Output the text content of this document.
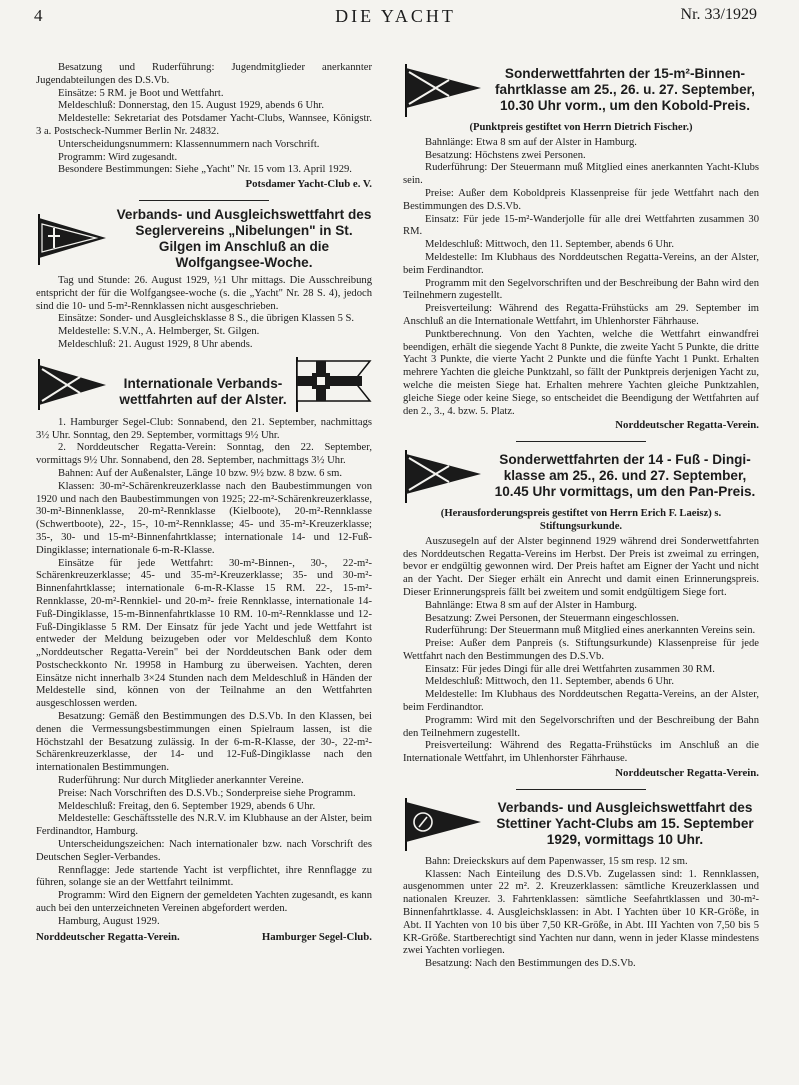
4	DIE YACHT	Nr. 33/1929

Besatzung und Ruderführung: Jugendmitglieder anerkannter Jugendabteilungen des D.S.Vb.

Einsätze: 5 RM. je Boot und Wettfahrt.

Meldeschluß: Donnerstag, den 15. August 1929, abends 6 Uhr.

Meldestelle: Sekretariat des Potsdamer Yacht-Clubs, Wannsee, Königstr. 3 a. Postscheck-Nummer Berlin Nr. 24832.

Unterscheidungsnummern: Klassennummern nach Vorschrift.

Programm: Wird zugesandt.

Besondere Bestimmungen: Siehe „Yacht" Nr. 15 vom 13. April 1929.

Potsdamer Yacht-Club e. V.
Verbands- und Ausgleichswettfahrt des Seglervereins „Nibelungen" in St. Gilgen im Anschluß an die Wolfgangsee-Woche.

Tag und Stunde: 26. August 1929, ½1 Uhr mittags. Die Ausschreibung entspricht der für die Wolfgangsee-woche (s. die „Yacht" Nr. 28 S. 4), jedoch sind die 10- und 5-m²-Rennklassen nicht ausgeschrieben.

Einsätze: Sonder- und Ausgleichsklasse 8 S., die übrigen Klassen 5 S.

Meldestelle: S.V.N., A. Helmberger, St. Gilgen.

Meldeschluß: 21. August 1929, 8 Uhr abends.

Internationale Verbands-wettfahrten auf der Alster.

1. Hamburger Segel-Club: Sonnabend, den 21. September, nachmittags 3½ Uhr. Sonntag, den 29. September, vormittags 9½ Uhr.

2. Norddeutscher Regatta-Verein: Sonntag, den 22. September, vormittags 9½ Uhr. Sonnabend, den 28. September, nachmittags 3½ Uhr.

Bahnen: Auf der Außenalster, Länge 10 bzw. 9½ bzw. 8 bzw. 6 sm.

Klassen: 30-m²-Schärenkreuzerklasse nach den Baubestimmungen von 1920 und nach den Baubestimmungen von 1925; 22-m²-Schärenkreuzerklasse, 30-m²-Binnenklasse, 20-m²-Rennklasse (Kielboote), 20-m²-Rennklasse (Schwertboote), 22-, 15-, 10-m²-Rennklasse; 45- und 35-m²-Kreuzerklasse; 35-, 30- und 15-m²-Binnenfahrtklasse; internationale 14- und 12-Fuß-Dingiklasse; internationale 6-m-R-Klasse.

Einsätze für jede Wettfahrt: 30-m²-Binnen-, 30-, 22-m²-Schärenkreuzerklasse; 45- und 35-m²-Kreuzerklasse; 35- und 30-m²-Binnenfahrtklasse; internationale 6-m-R-Klasse 15 RM. 22-, 15-m²-Rennklasse, 20-m²-Rennkiel- und 20-m²- freie Rennklasse, internationale 14-Fuß-Dingiklasse, 15-m-Binnenfahrtklasse 10 RM. 10-m²-Rennklasse und 12-Fuß-Dingiklasse 5 RM. Der Einsatz für jede Yacht und jede Wettfahrt ist entweder der Meldung beizugeben oder vor Meldeschluß dem Konto „Norddeutscher Regatta-Verein" bei der Norddeutschen Bank oder dem Postscheckkonto Nr. 19958 in Hamburg zu überweisen. Yachten, deren Einsätze nicht innerhalb 3×24 Stunden nach dem Meldeschluß in Händen der Meldestelle sind, können von der Teilnahme an den Wettfahrten ausgeschlossen werden.

Besatzung: Gemäß den Bestimmungen des D.S.Vb. In den Klassen, bei denen die Vermessungsbestimmungen einen Spielraum lassen, ist die Höchstzahl der Besatzung zulässig. In der 6-m-R-Klasse, der 30-, 22-m²-Schärenkreuzerklasse, der 14- und 12-Fuß-Dingiklasse nach den internationalen Bestimmungen.

Ruderführung: Nur durch Mitglieder anerkannter Vereine.

Preise: Nach Vorschriften des D.S.Vb.; Sonderpreise siehe Programm.

Meldeschluß: Freitag, den 6. September 1929, abends 6 Uhr.

Meldestelle: Geschäftsstelle des N.R.V. im Klubhause an der Alster, beim Ferdinandtor, Hamburg.

Unterscheidungszeichen: Nach internationaler bzw. nach Vorschrift des Deutschen Segler-Verbandes.

Rennflagge: Jede startende Yacht ist verpflichtet, ihre Rennflagge zu führen, solange sie an der Wettfahrt teilnimmt.

Programm: Wird den Eignern der gemeldeten Yachten zugesandt, es kann auch bei den unterzeichneten Vereinen abgefordert werden.

Hamburg, August 1929.

Norddeutscher Regatta-Verein.	Hamburger Segel-Club.
Sonderwettfahrten der 15-m²-Binnen-fahrtklasse am 25., 26. u. 27. September, 10.30 Uhr vorm., um den Kobold-Preis.
(Punktpreis gestiftet von Herrn Dietrich Fischer.)

Bahnlänge: Etwa 8 sm auf der Alster in Hamburg.

Besatzung: Höchstens zwei Personen.

Ruderführung: Der Steuermann muß Mitglied eines anerkannten Yacht-Klubs sein.

Preise: Außer dem Koboldpreis Klassenpreise für jede Wettfahrt nach den Bestimmungen des D.S.Vb.

Einsatz: Für jede 15-m²-Wanderjolle für alle drei Wettfahrten zusammen 30 RM.

Meldeschluß: Mittwoch, den 11. September, abends 6 Uhr.

Meldestelle: Im Klubhaus des Norddeutschen Regatta-Vereins, an der Alster, beim Ferdinandtor.

Programm mit den Segelvorschriften und der Beschreibung der Bahn wird den Teilnehmern zugestellt.

Preisverteilung: Während des Regatta-Frühstücks am 29. September im Anschluß an die Internationale Wettfahrt, im Uhlenhorster Fährhause.

Punktberechnung. Von den Yachten, welche die Wettfahrt einwandfrei beendigen, erhält die siegende Yacht 8 Punkte, die zweite Yacht 5 Punkte, die dritte Yacht 3 Punkte, die vierte Yacht 2 Punkte und die fünfte Yacht 1 Punkt. Erhalten mehrere Yachten die gleiche Punktzahl, so fällt der Punktpreis derjenigen Yacht zu, welche die meisten Siege hat. Erhalten mehrere Yachten gleiche Punktzahlen, gleiche Siege oder keine Siege, so entscheidet die Beendigung der Wettfahrten auf den 2., 3., 4. bzw. 5. Platz.

Norddeutscher Regatta-Verein.
Sonderwettfahrten der 14 - Fuß - Dingi-klasse am 25., 26. und 27. September, 10.45 Uhr vormittags, um den Pan-Preis.
(Herausforderungspreis gestiftet von Herrn Erich F. Laeisz) s. Stiftungsurkunde.

Auszusegeln auf der Alster beginnend 1929 während drei Sonderwettfahrten des Norddeutschen Regatta-Vereins im Herbst. Der Preis ist zweimal zu erringen, bevor er endgültig gewonnen wird. Der Preis haftet am Eigner der Yacht und nicht an der Yacht. Der Sieger erhält ein Anrecht und damit einen Erinnerungspreis. Dieser Erinnerungspreis fällt bei zweitem und somit endgültigem Siege fort.

Bahnlänge: Etwa 8 sm auf der Alster in Hamburg.

Besatzung: Zwei Personen, der Steuermann eingeschlossen.

Ruderführung: Der Steuermann muß Mitglied eines anerkannten Vereins sein.

Preise: Außer dem Panpreis (s. Stiftungsurkunde) Klassenpreise für jede Wettfahrt nach den Bestimmungen des D.S.Vb.

Einsatz: Für jedes Dingi für alle drei Wettfahrten zusammen 30 RM.

Meldeschluß: Mittwoch, den 11. September, abends 6 Uhr.

Meldestelle: Im Klubhaus des Norddeutschen Regatta-Vereins, an der Alster, beim Ferdinandtor.

Programm: Wird mit den Segelvorschriften und der Beschreibung der Bahn den Teilnehmern zugestellt.

Preisverteilung: Während des Regatta-Frühstücks im Anschluß an die Internationale Wettfahrt, im Uhlenhorster Fährhause.

Norddeutscher Regatta-Verein.
Verbands- und Ausgleichswettfahrt des Stettiner Yacht-Clubs am 15. September 1929, vormittags 10 Uhr.

Bahn: Dreieckskurs auf dem Papenwasser, 15 sm resp. 12 sm.

Klassen: Nach Einteilung des D.S.Vb. Zugelassen sind: 1. Rennklassen, ausgenommen unter 22 m². 2. Kreuzerklassen: sämtliche Kreuzerklassen und nationalen Kreuzer. 3. Fahrtenklassen: sämtliche Seefahrtklassen und 30-m²-Binnenfahrtklasse. 4. Ausgleichsklassen: in Abt. I Yachten über 10 KR-Größe, in Abt. II Yachten von 10 bis über 7,50 KR-Größe, in Abt. III Yachten von 7,50 bis 5 KR-Größe. Startberechtigt sind Yachten nur dann, wenn in jeder Klasse mindestens zwei Yachten vorliegen.

Besatzung: Nach den Bestimmungen des D.S.Vb.
